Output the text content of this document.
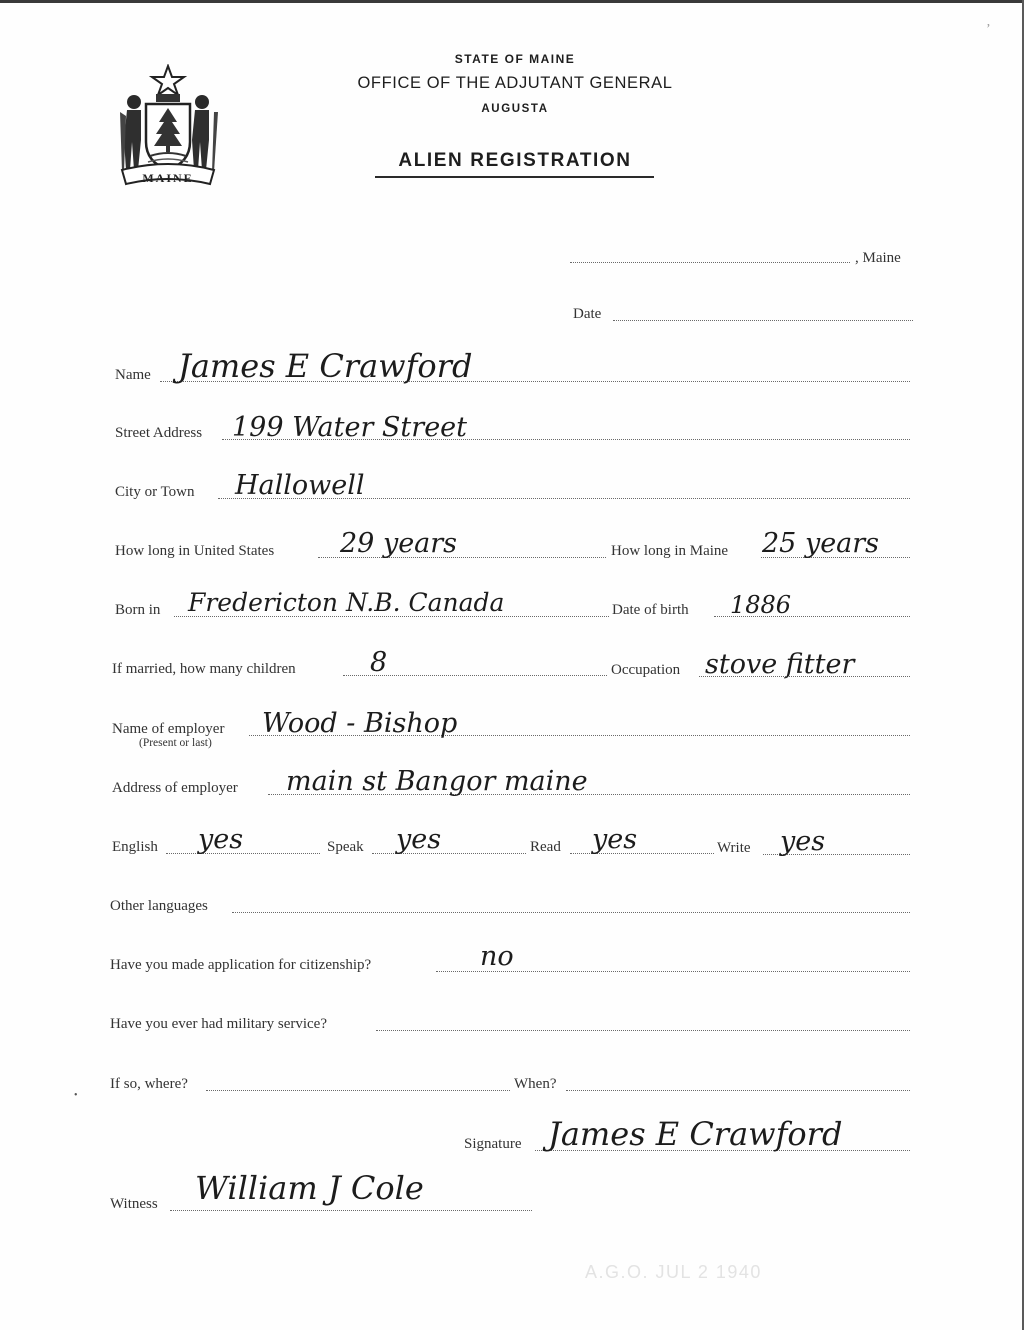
MAINE
STATE OF MAINE
OFFICE OF THE ADJUTANT GENERAL
AUGUSTA
ALIEN REGISTRATION
, Maine
Date
Name James E Crawford
Street Address 199 Water Street
City or Town Hallowell
How long in United States 29 years	How long in Maine 25 years
Born in Fredericton N.B. Canada	Date of birth 1886
If married, how many children	8	Occupation stove fitter
Name of employer
(Present or last)
Wood - Bishop
Address of employer main st Bangor maine
English yes	Speak yes	Read yes	Write yes
Other languages
Have you made application for citizenship?	no
Have you ever had military service?
If so, where?	When?
Signature James E Crawford
Witness William J Cole
A.G.O. JUL 2 1940
ʼ
•
